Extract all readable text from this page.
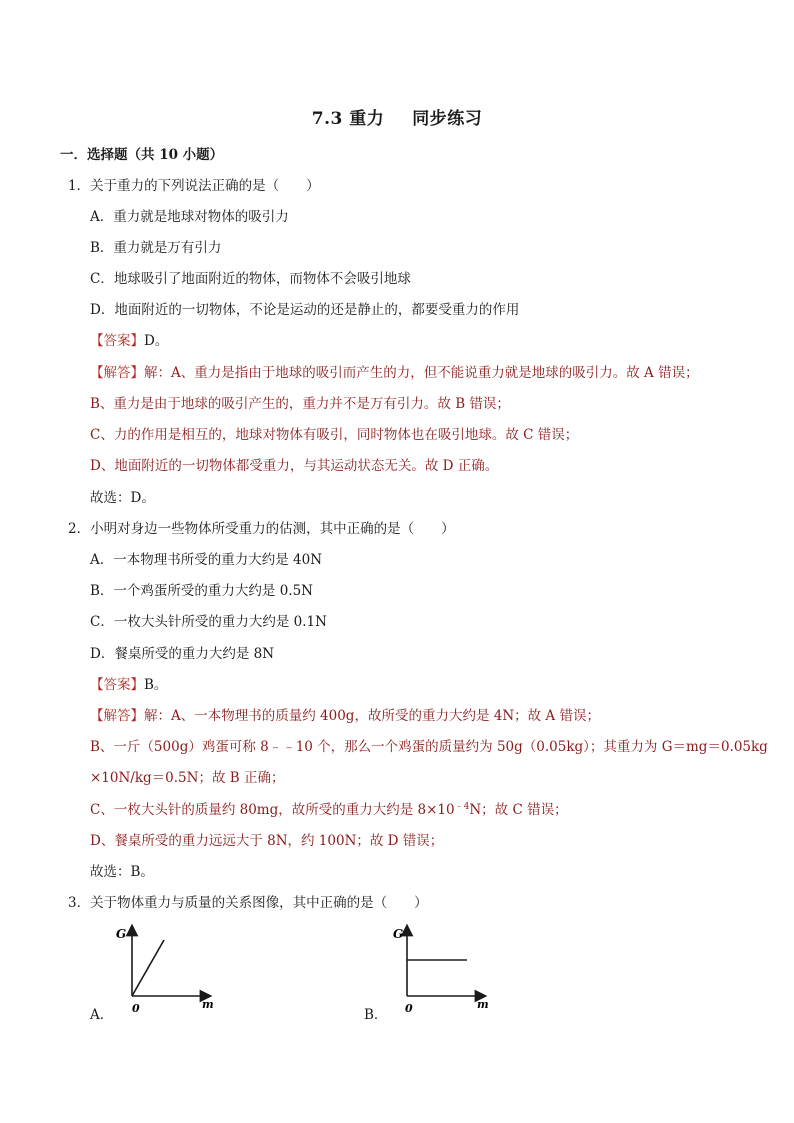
7.3 重力 同步练习
一．选择题（共 10 小题）
1．关于重力的下列说法正确的是（　　）
A．重力就是地球对物体的吸引力
B．重力就是万有引力
C．地球吸引了地面附近的物体，而物体不会吸引地球
D．地面附近的一切物体，不论是运动的还是静止的，都要受重力的作用
【答案】D。
【解答】解：A、重力是指由于地球的吸引而产生的力，但不能说重力就是地球的吸引力。故 A 错误；
B、重力是由于地球的吸引产生的，重力并不是万有引力。故 B 错误；
C、力的作用是相互的，地球对物体有吸引，同时物体也在吸引地球。故 C 错误；
D、地面附近的一切物体都受重力，与其运动状态无关。故 D 正确。
故选：D。
2．小明对身边一些物体所受重力的估测，其中正确的是（　　）
A．一本物理书所受的重力大约是 40N
B．一个鸡蛋所受的重力大约是 0.5N
C．一枚大头针所受的重力大约是 0.1N
D．餐桌所受的重力大约是 8N
【答案】B。
【解答】解：A、一本物理书的质量约 400g，故所受的重力大约是 4N；故 A 错误；
B、一斤（500g）鸡蛋可称 8﹣﹣10 个，那么一个鸡蛋的质量约为 50g（0.05kg）；其重力为 G＝mg＝0.05kg
×10N/kg＝0.5N；故 B 正确；
C、一枚大头针的质量约 80mg，故所受的重力大约是 $8\times 10^{﹣4}N$；故 C 错误；
D、餐桌所受的重力远远大于 8N，约 100N；故 D 错误；
故选：B。
3．关于物体重力与质量的关系图像，其中正确的是（　　）
A．
G
0	m
B．
G
0	m
